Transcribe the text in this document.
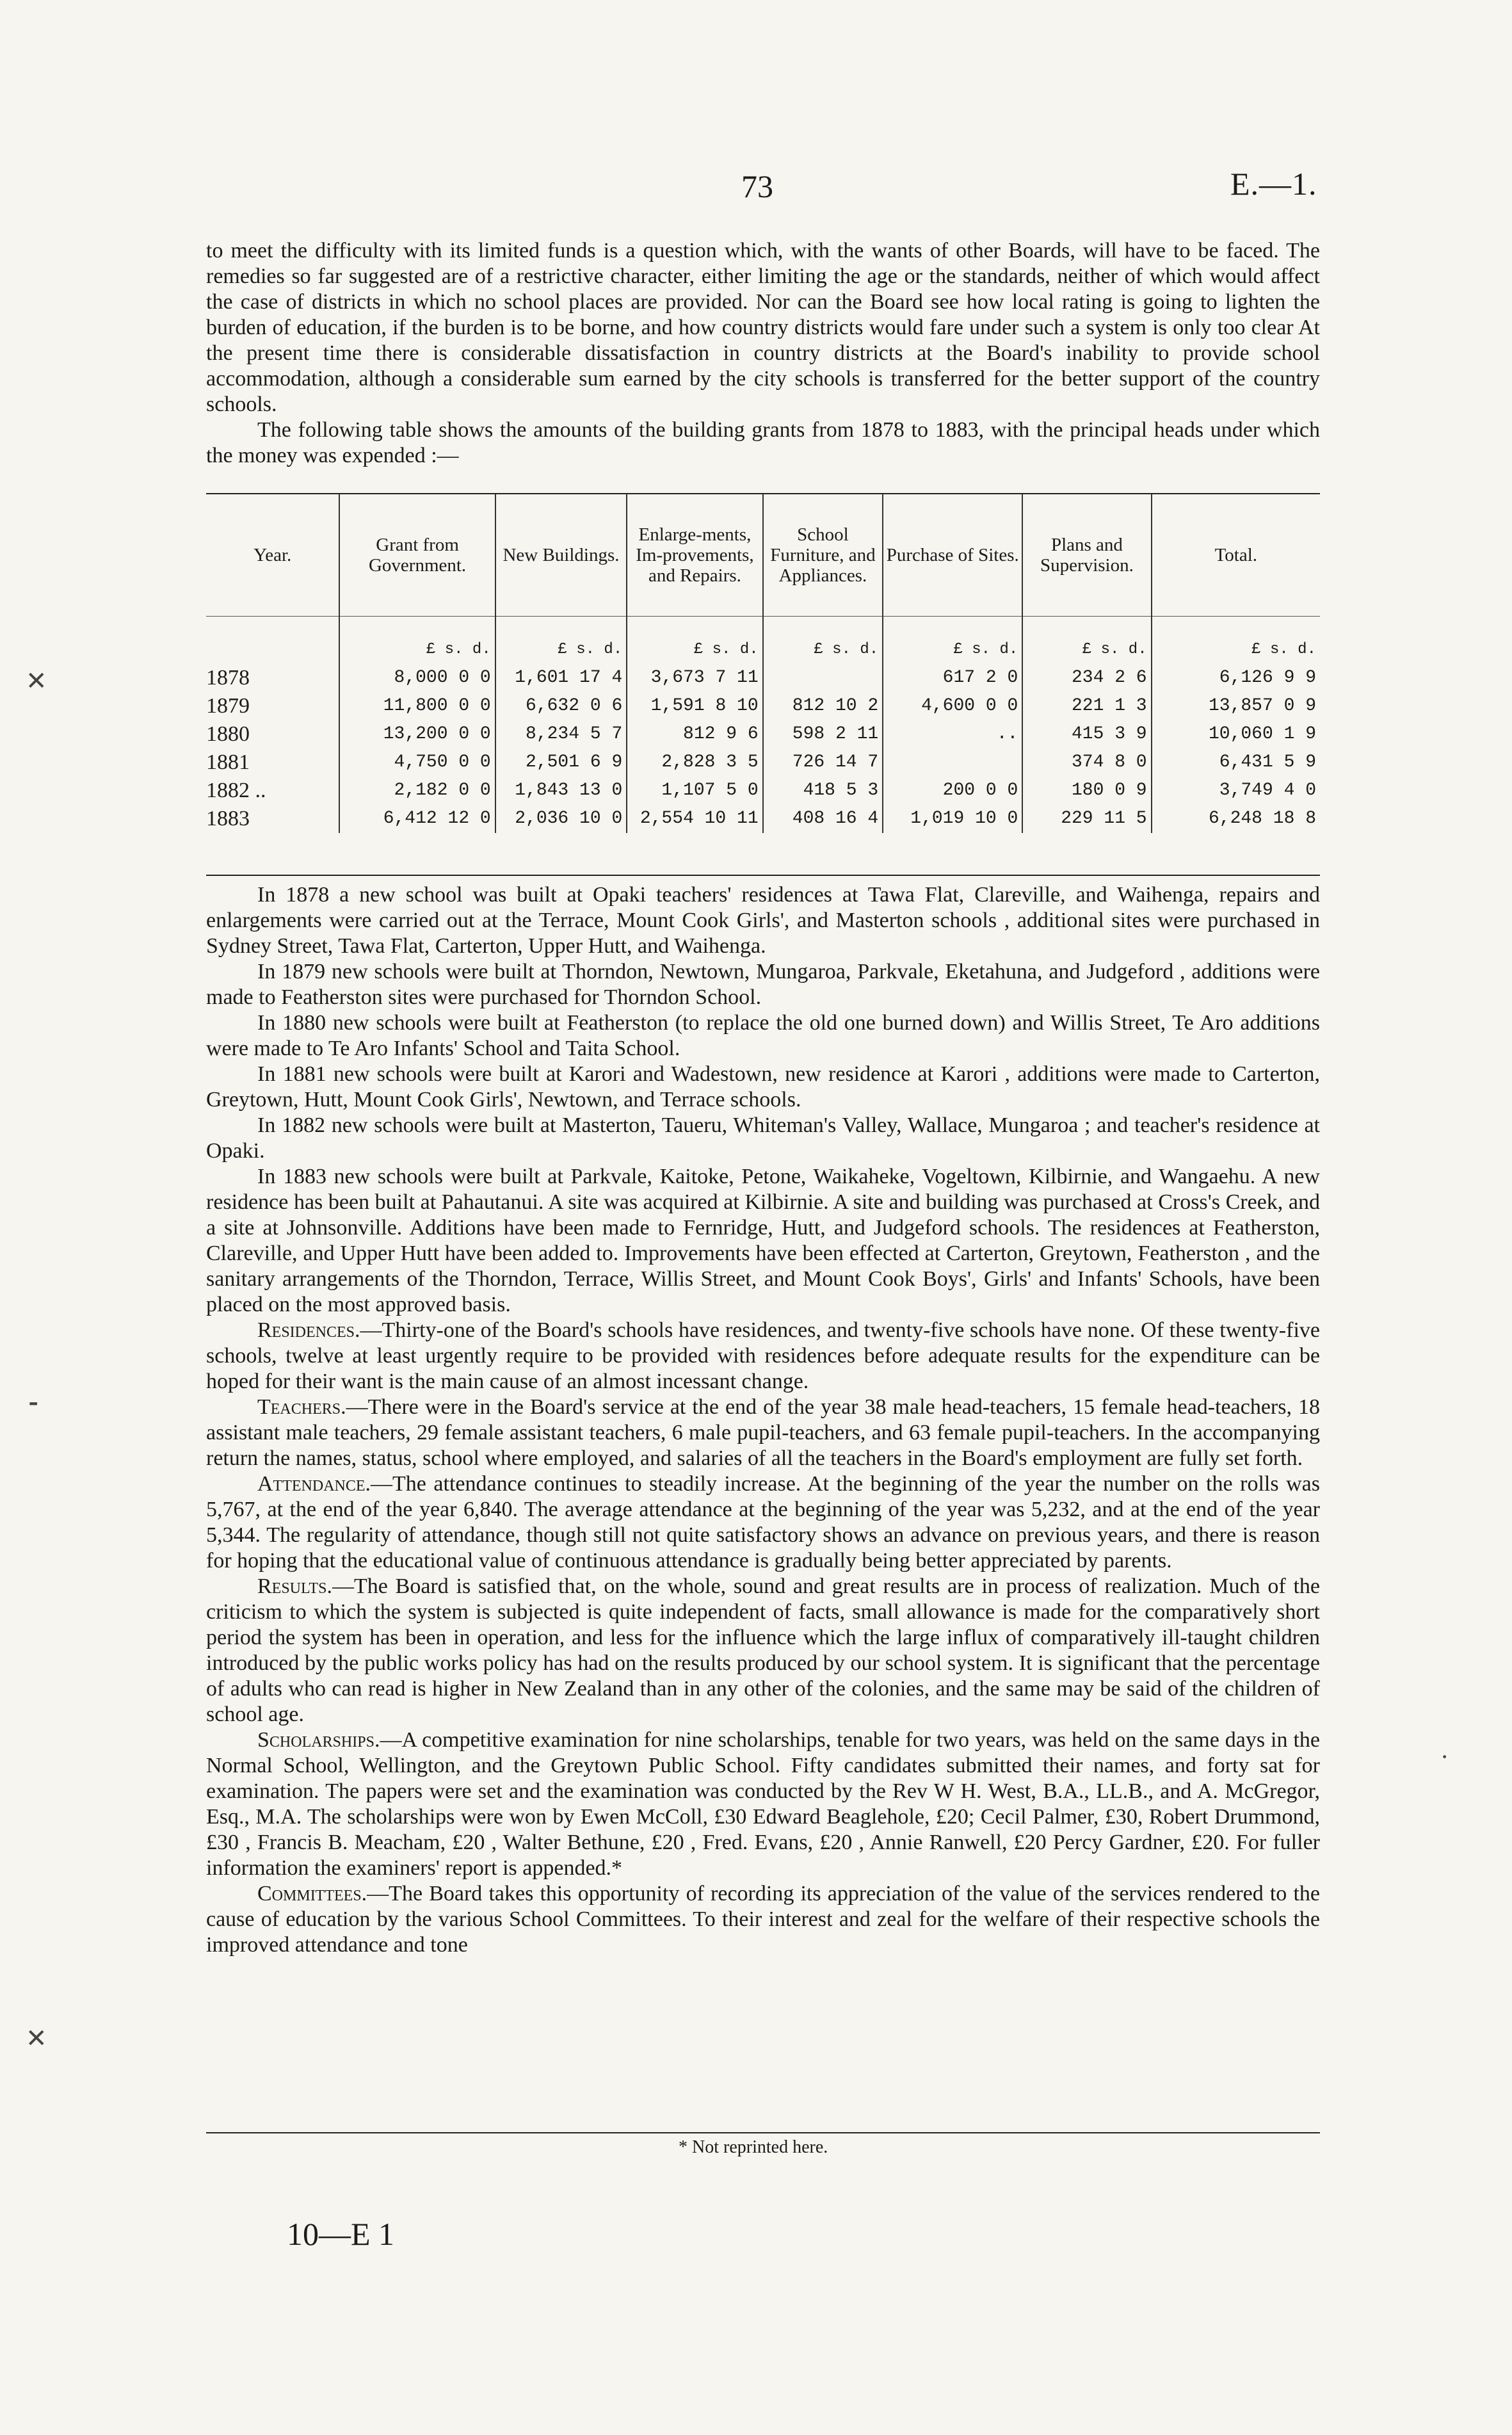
73	E.—1.

to meet the difficulty with its limited funds is a question which, with the wants of other Boards, will have to be faced. The remedies so far suggested are of a restrictive character, either limiting the age or the standards, neither of which would affect the case of districts in which no school places are provided. Nor can the Board see how local rating is going to lighten the burden of education, if the burden is to be borne, and how country districts would fare under such a system is only too clear At the present time there is considerable dissatisfaction in country districts at the Board's inability to provide school accommodation, although a considerable sum earned by the city schools is transferred for the better support of the country schools.

The following table shows the amounts of the building grants from 1878 to 1883, with the principal heads under which the money was expended :—

Year.	Grant from Government.	New Buildings.	Enlarge-ments, Im-provements, and Repairs.	School Furniture, and Appliances.	Purchase of Sites.	Plans and Supervision.	Total.
	£ s. d.	£ s. d.	£ s. d.	£ s. d.	£ s. d.	£ s. d.	£ s. d.
1878	8,000 0 0	1,601 17 4	3,673 7 11		617 2 0	234 2 6	6,126 9 9
1879	11,800 0 0	6,632 0 6	1,591 8 10	812 10 2	4,600 0 0	221 1 3	13,857 0 9
1880	13,200 0 0	8,234 5 7	812 9 6	598 2 11	..	415 3 9	10,060 1 9
1881	4,750 0 0	2,501 6 9	2,828 3 5	726 14 7		374 8 0	6,431 5 9
1882 ..	2,182 0 0	1,843 13 0	1,107 5 0	418 5 3	200 0 0	180 0 9	3,749 4 0
1883	6,412 12 0	2,036 10 0	2,554 10 11	408 16 4	1,019 10 0	229 11 5	6,248 18 8

In 1878 a new school was built at Opaki teachers' residences at Tawa Flat, Clareville, and Waihenga, repairs and enlargements were carried out at the Terrace, Mount Cook Girls', and Masterton schools , additional sites were purchased in Sydney Street, Tawa Flat, Carterton, Upper Hutt, and Waihenga.

In 1879 new schools were built at Thorndon, Newtown, Mungaroa, Parkvale, Eketahuna, and Judgeford , additions were made to Featherston sites were purchased for Thorndon School.

In 1880 new schools were built at Featherston (to replace the old one burned down) and Willis Street, Te Aro additions were made to Te Aro Infants' School and Taita School.

In 1881 new schools were built at Karori and Wadestown, new residence at Karori , additions were made to Carterton, Greytown, Hutt, Mount Cook Girls', Newtown, and Terrace schools.

In 1882 new schools were built at Masterton, Taueru, Whiteman's Valley, Wallace, Mungaroa ; and teacher's residence at Opaki.

In 1883 new schools were built at Parkvale, Kaitoke, Petone, Waikaheke, Vogeltown, Kilbirnie, and Wangaehu. A new residence has been built at Pahautanui. A site was acquired at Kilbirnie. A site and building was purchased at Cross's Creek, and a site at Johnsonville. Additions have been made to Fernridge, Hutt, and Judgeford schools. The residences at Featherston, Clareville, and Upper Hutt have been added to. Improvements have been effected at Carterton, Greytown, Featherston , and the sanitary arrangements of the Thorndon, Terrace, Willis Street, and Mount Cook Boys', Girls' and Infants' Schools, have been placed on the most approved basis.

Residences.—Thirty-one of the Board's schools have residences, and twenty-five schools have none. Of these twenty-five schools, twelve at least urgently require to be provided with residences before adequate results for the expenditure can be hoped for their want is the main cause of an almost incessant change.

Teachers.—There were in the Board's service at the end of the year 38 male head-teachers, 15 female head-teachers, 18 assistant male teachers, 29 female assistant teachers, 6 male pupil-teachers, and 63 female pupil-teachers. In the accompanying return the names, status, school where employed, and salaries of all the teachers in the Board's employment are fully set forth.

Attendance.—The attendance continues to steadily increase. At the beginning of the year the number on the rolls was 5,767, at the end of the year 6,840. The average attendance at the beginning of the year was 5,232, and at the end of the year 5,344. The regularity of attendance, though still not quite satisfactory shows an advance on previous years, and there is reason for hoping that the educational value of continuous attendance is gradually being better appreciated by parents.

Results.—The Board is satisfied that, on the whole, sound and great results are in process of realization. Much of the criticism to which the system is subjected is quite independent of facts, small allowance is made for the comparatively short period the system has been in operation, and less for the influence which the large influx of comparatively ill-taught children introduced by the public works policy has had on the results produced by our school system. It is significant that the percentage of adults who can read is higher in New Zealand than in any other of the colonies, and the same may be said of the children of school age.

Scholarships.—A competitive examination for nine scholarships, tenable for two years, was held on the same days in the Normal School, Wellington, and the Greytown Public School. Fifty candidates submitted their names, and forty sat for examination. The papers were set and the examination was conducted by the Rev W H. West, B.A., LL.B., and A. McGregor, Esq., M.A. The scholarships were won by Ewen McColl, £30 Edward Beaglehole, £20; Cecil Palmer, £30, Robert Drummond, £30 , Francis B. Meacham, £20 , Walter Bethune, £20 , Fred. Evans, £20 , Annie Ranwell, £20 Percy Gardner, £20. For fuller information the examiners' report is appended.*

Committees.—The Board takes this opportunity of recording its appreciation of the value of the services rendered to the cause of education by the various School Committees. To their interest and zeal for the welfare of their respective schools the improved attendance and tone

* Not reprinted here.
10—E 1
✕
⁃
✕
·
